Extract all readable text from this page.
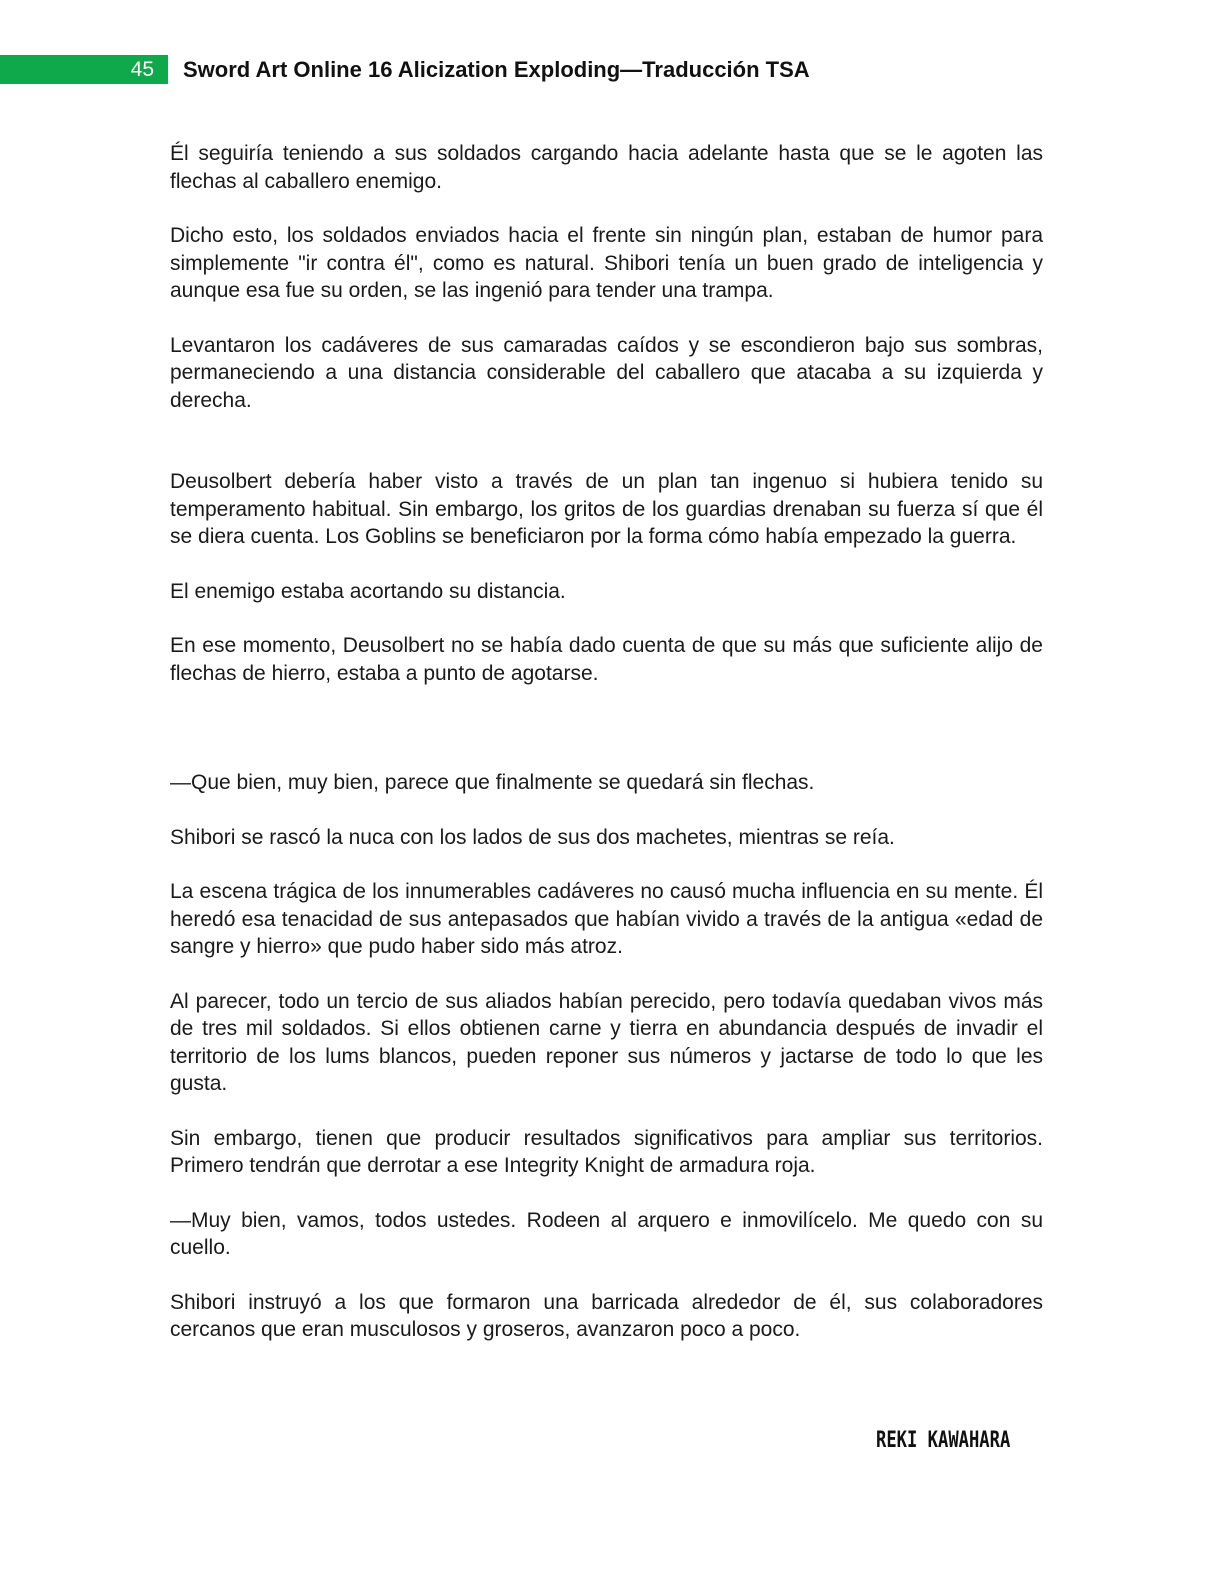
45 Sword Art Online 16 Alicization Exploding—Traducción TSA

Él seguiría teniendo a sus soldados cargando hacia adelante hasta que se le agoten las flechas al caballero enemigo.

Dicho esto, los soldados enviados hacia el frente sin ningún plan, estaban de humor para simplemente "ir contra él", como es natural. Shibori tenía un buen grado de inteligencia y aunque esa fue su orden, se las ingenió para tender una trampa.

Levantaron los cadáveres de sus camaradas caídos y se escondieron bajo sus sombras, permaneciendo a una distancia considerable del caballero que atacaba a su izquierda y derecha.

Deusolbert debería haber visto a través de un plan tan ingenuo si hubiera tenido su temperamento habitual. Sin embargo, los gritos de los guardias drenaban su fuerza sí que él se diera cuenta. Los Goblins se beneficiaron por la forma cómo había empezado la guerra.

El enemigo estaba acortando su distancia.

En ese momento, Deusolbert no se había dado cuenta de que su más que suficiente alijo de flechas de hierro, estaba a punto de agotarse.

—Que bien, muy bien, parece que finalmente se quedará sin flechas.

Shibori se rascó la nuca con los lados de sus dos machetes, mientras se reía.

La escena trágica de los innumerables cadáveres no causó mucha influencia en su mente. Él heredó esa tenacidad de sus antepasados que habían vivido a través de la antigua «edad de sangre y hierro» que pudo haber sido más atroz.

Al parecer, todo un tercio de sus aliados habían perecido, pero todavía quedaban vivos más de tres mil soldados. Si ellos obtienen carne y tierra en abundancia después de invadir el territorio de los lums blancos, pueden reponer sus números y jactarse de todo lo que les gusta.

Sin embargo, tienen que producir resultados significativos para ampliar sus territorios. Primero tendrán que derrotar a ese Integrity Knight de armadura roja.

—Muy bien, vamos, todos ustedes. Rodeen al arquero e inmovilícelo. Me quedo con su cuello.

Shibori instruyó a los que formaron una barricada alrededor de él, sus colaboradores cercanos que eran musculosos y groseros, avanzaron poco a poco.

REKI KAWAHARA
